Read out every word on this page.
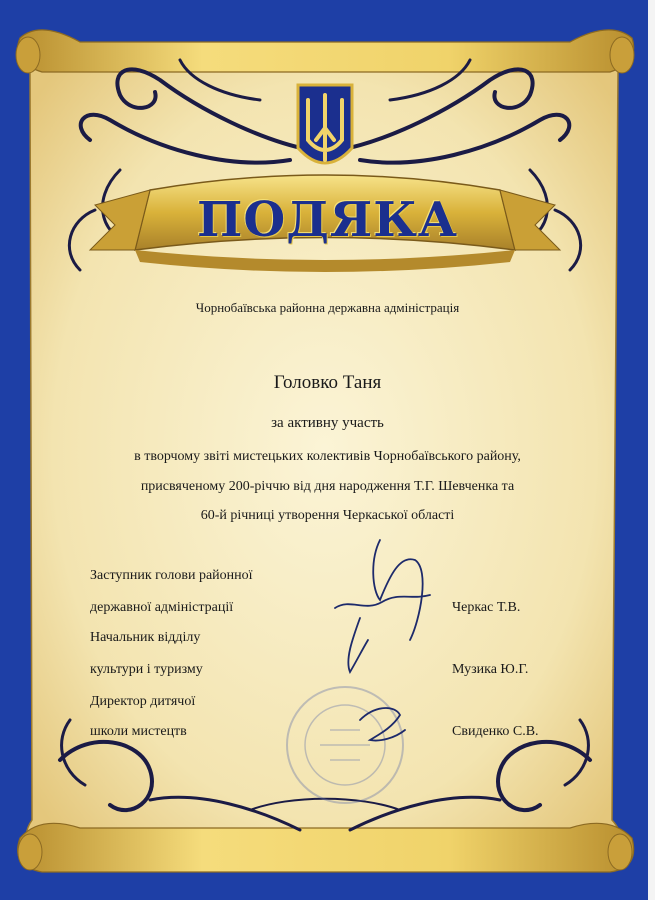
ПОДЯКА
Чорнобаївська районна державна адміністрація
Головко Таня
за активну участь
в творчому звіті мистецьких колективів Чорнобаївського району,
присвяченому 200-річчю від дня народження Т.Г. Шевченка та
60-й річниці утворення Черкаської області
Заступник голови районної
державної адміністрації	Черкас Т.В.
Начальник відділу
культури і туризму	Музика Ю.Г.
Директор дитячої
школи мистецтв	Свиденко С.В.
